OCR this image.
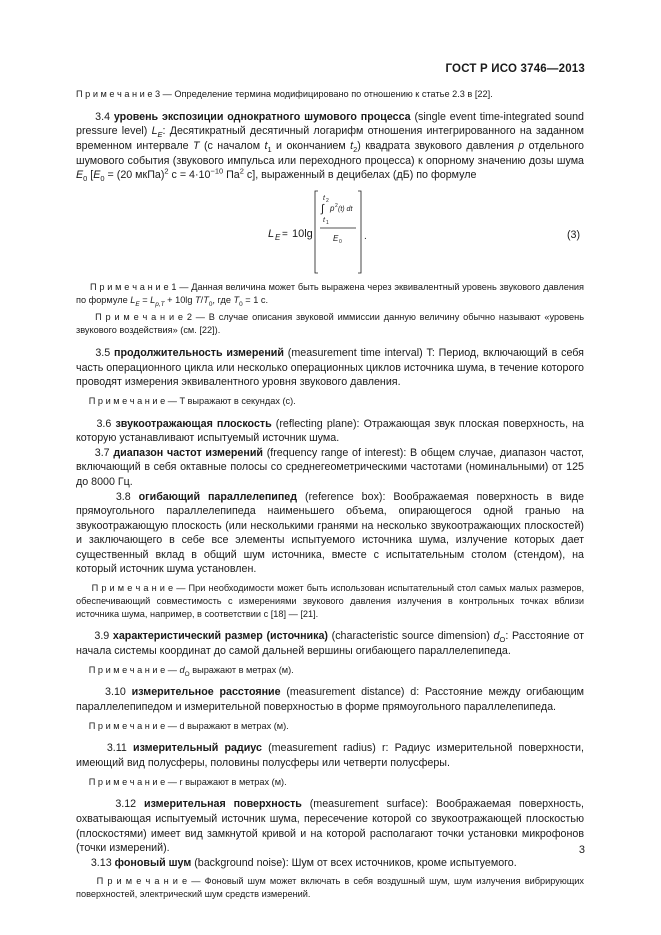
ГОСТ Р ИСО 3746—2013

П р и м е ч а н и е 3 — Определение термина модифицировано по отношению к статье 2.3 в [22].

3.4 уровень экспозиции однократного шумового процесса (single event time-integrated sound pressure level) $L_E$: Десятикратный десятичный логарифм отношения интегрированного на заданном временном интервале T (с началом $t_1$ и окончанием $t_2$) квадрата звукового давления p отдельного шумового события (звукового импульса или переходного процесса) к опорному значению дозы шума $E_0$ [$E_0 = (20$ мкПа)$^2$ $с = 4\cdot 10^{-10}$ $Па^2$ с], выраженный в децибелах (дБ) по формуле

L E = 10lg
t 2
∫ p 2 (t) dt
t 1
E 0 .	(3)

П р и м е ч а н и е 1 — Данная величина может быть выражена через эквивалентный уровень звукового давления по формуле $L_E = L_{p,T} + 10\lg$ $T/T_0$, где $T_0 = 1$ с.

П р и м е ч а н и е 2 — В случае описания звуковой иммиссии данную величину обычно называют «уровень звукового воздействия» (см. [22]).

3.5 продолжительность измерений (measurement time interval) T: Период, включающий в себя часть операционного цикла или несколько операционных циклов источника шума, в течение которого проводят измерения эквивалентного уровня звукового давления.

П р и м е ч а н и е — T выражают в секундах (с).

3.6 звукоотражающая плоскость (reflecting plane): Отражающая звук плоская поверхность, на которую устанавливают испытуемый источник шума.

3.7 диапазон частот измерений (frequency range of interest): В общем случае, диапазон частот, включающий в себя октавные полосы со среднегеометрическими частотами (номинальными) от 125 до 8000 Гц.

3.8 огибающий параллелепипед (reference box): Воображаемая поверхность в виде прямоугольного параллелепипеда наименьшего объема, опирающегося одной гранью на звукоотражающую плоскость (или несколькими гранями на несколько звукоотражающих плоскостей) и заключающего в себе все элементы испытуемого источника шума, излучение которых дает существенный вклад в общий шум источника, вместе с испытательным столом (стендом), на который источник шума установлен.

П р и м е ч а н и е — При необходимости может быть использован испытательный стол самых малых размеров, обеспечивающий совместимость с измерениями звукового давления излучения в контрольных точках вблизи источника шума, например, в соответствии с [18] — [21].

3.9 характеристический размер (источника) (characteristic source dimension) $d_O$: Расстояние от начала системы координат до самой дальней вершины огибающего параллелепипеда.

П р и м е ч а н и е — $d_O$ выражают в метрах (м).

3.10 измерительное расстояние (measurement distance) d: Расстояние между огибающим параллелепипедом и измерительной поверхностью в форме прямоугольного параллелепипеда.

П р и м е ч а н и е — d выражают в метрах (м).

3.11 измерительный радиус (measurement radius) r: Радиус измерительной поверхности, имеющий вид полусферы, половины полусферы или четверти полусферы.

П р и м е ч а н и е — r выражают в метрах (м).

3.12 измерительная поверхность (measurement surface): Воображаемая поверхность, охватывающая испытуемый источник шума, пересечение которой со звукоотражающей плоскостью (плоскостями) имеет вид замкнутой кривой и на которой располагают точки установки микрофонов (точки измерений).

3.13 фоновый шум (background noise): Шум от всех источников, кроме испытуемого.

П р и м е ч а н и е — Фоновый шум может включать в себя воздушный шум, шум излучения вибрирующих поверхностей, электрический шум средств измерений.

3
